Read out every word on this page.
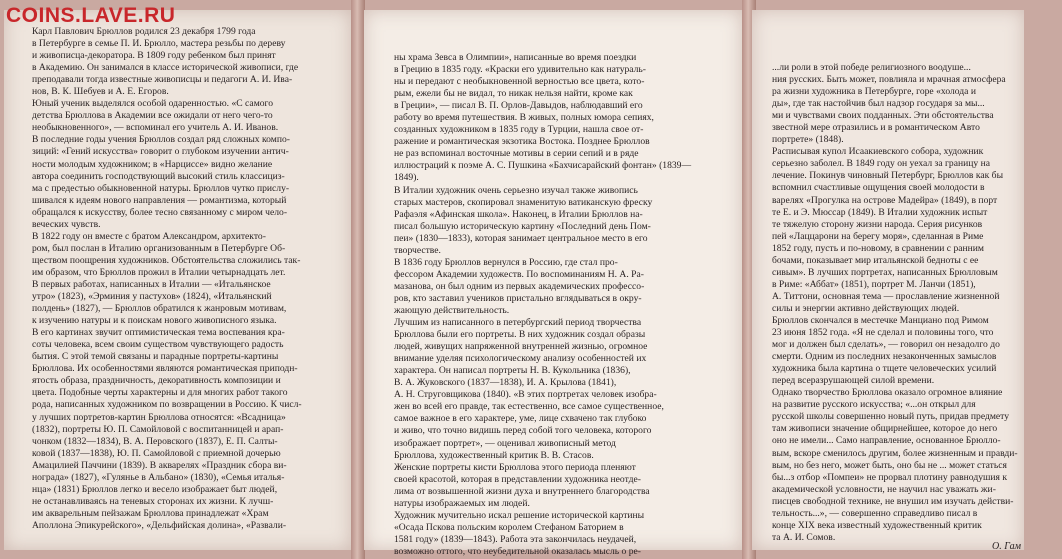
Карл Павлович Брюллов родился 23 декабря 1799 года
в Петербурге в семье П. И. Брюлло, мастера резьбы по дереву
и живописца-декоратора. В 1809 году ребенком был принят
в Академию. Он занимался в классе исторической живописи, где
преподавали тогда известные живописцы и педагоги А. И. Ива-
нов, В. К. Шебуев и А. Е. Егоров.
Юный ученик выделялся особой одаренностью. «С самого
детства Брюллова в Академии все ожидали от него чего-то
необыкновенного», — вспоминал его учитель А. И. Иванов.
В последние годы учения Брюллов создал ряд сложных компо-
зиций: «Гений искусства» говорит о глубоком изучении антич-
ности молодым художником; в «Нарциссе» видно желание
автора соединить господствующий высокий стиль классициз-
ма с предестью обыкновенной натуры. Брюллов чутко прислу-
шивался к идеям нового направления — романтизма, который
обращался к искусству, более тесно связанному с миром чело-
веческих чувств.
В 1822 году он вместе с братом Александром, архитекто-
ром, был послан в Италию организованным в Петербурге Об-
ществом поощрения художников. Обстоятельства сложились так-
им образом, что Брюллов прожил в Италии четырнадцать лет.
В первых работах, написанных в Италии — «Итальянское
утро» (1823), «Эрминия у пастухов» (1824), «Итальянский
полдень» (1827), — Брюллов обратился к жанровым мотивам,
к изучению натуры и к поискам нового живописного языка.
В его картинах звучит оптимистическая тема воспевания кра-
соты человека, всем своим существом чувствующего радость
бытия. С этой темой связаны и парадные портреты-картины
Брюллова. Их особенностями являются романтическая приподн-
ятость образа, праздничность, декоративность композиции и
цвета. Подобные черты характерны и для многих работ такого
рода, написанных художником по возвращении в Россию. К числ-
у лучших портретов-картин Брюллова относятся: «Всадница»
(1832), портреты Ю. П. Самойловой с воспитанницей и арап-
чонком (1832—1834), В. А. Перовского (1837), Е. П. Салты-
ковой (1837—1838), Ю. П. Самойловой с приемной дочерью
Амацилией Паччини (1839). В акварелях «Праздник сбора ви-
нограда» (1827), «Гулянье в Альбано» (1830), «Семья италья-
нца» (1831) Брюллов легко и весело изображает быт людей,
не останавливаясь на теневых сторонах их жизни. К лучш-
им акварельным пейзажам Брюллова принадлежат «Храм
Аполлона Эпикурейского», «Дельфийская долина», «Развали-
ны храма Зевса в Олимпии», написанные во время поездки
в Грецию в 1835 году. «Краски его удивительно как натураль-
ны и передают с необыкновенной верностью все цвета, кото-
рым, ежели бы не видал, то никак нельзя найти, кроме как
в Греции», — писал В. П. Орлов-Давыдов, наблюдавший его
работу во время путешествия. В живых, полных юмора сепиях,
созданных художником в 1835 году в Турции, нашла свое от-
ражение и романтическая экзотика Востока. Позднее Брюллов
не раз вспоминал восточные мотивы в серии сепий и в ряде
иллюстраций к поэме А. С. Пушкина «Бахчисарайский фонтан» (1839—
1849).
В Италии художник очень серьезно изучал также живопись
старых мастеров, скопировал знаменитую ватиканскую фреску
Рафаэля «Афинская школа». Наконец, в Италии Брюллов на-
писал большую историческую картину «Последний день Пом-
пеи» (1830—1833), которая занимает центральное место в его
творчестве.
В 1836 году Брюллов вернулся в Россию, где стал про-
фессором Академии художеств. По воспоминаниям Н. А. Ра-
мазанова, он был одним из первых академических профессо-
ров, кто заставил учеников пристально вглядываться в окру-
жающую действительность.
Лучшим из написанного в петербургский период творчества
Брюллова были его портреты. В них художник создал образы
людей, живущих напряженной внутренней жизнью, огромное
внимание уделяя психологическому анализу особенностей их
характера. Он написал портреты Н. В. Кукольника (1836),
В. А. Жуковского (1837—1838), И. А. Крылова (1841),
А. Н. Струговщикова (1840). «В этих портретах человек изобра-
жен во всей его правде, так естественно, все самое существенное,
самое важное в его характере, уме, лице схвачено так глубоко
и живо, что точно видишь перед собой того человека, которого
изображает портрет», — оценивал живописный метод
Брюллова, художественный критик В. В. Стасов.
Женские портреты кисти Брюллова этого периода пленяют
своей красотой, которая в представлении художника неотде-
лима от возвышенной жизни духа и внутреннего благородства
натуры изображаемых им людей.
Художник мучительно искал решение исторической картины
«Осада Пскова польским королем Стефаном Баторием в
1581 году» (1839—1843). Работа эта закончилась неудачей,
возможно оттого, что неубедительной оказалась мысль о ре-
...ли роли в этой победе религиозного воодуше...
ния русских. Быть может, повлияла и мрачная атмосфера
ра жизни художника в Петербурге, горе «холода и
ды», где так настойчив был надзор государя за мы...
ми и чувствами своих подданных. Эти обстоятельства
звестной мере отразились и в романтическом Авто
портрете» (1848).
Расписывая купол Исаакиевского собора, художник
серьезно заболел. В 1849 году он уехал за границу на
лечение. Покинув чиновный Петербург, Брюллов как бы
вспомнил счастливые ощущения своей молодости в
варелях «Прогулка на острове Мадейра» (1849), в порт
те Е. и Э. Мюссар (1849). В Италии художник испыт
те тяжелую сторону жизни народа. Серия рисунков
пей «Лаццарони на берегу моря», сделанная в Риме
1852 году, пусть и по-новому, в сравнении с ранним
бочами, показывает мир итальянской бедноты с ее
сивым». В лучших портретах, написанных Брюлловым
в Риме: «Аббат» (1851), портрет М. Ланчи (1851),
А. Титтони, основная тема — прославление жизненной
силы и энергии активно действующих людей.
Брюллов скончался в местечке Манциано под Римом
23 июня 1852 года. «Я не сделал и половины того, что
мог и должен был сделать», — говорил он незадолго до
смерти. Одним из последних незаконченных замыслов
художника была картина о тщете человеческих усилий
перед всеразрушающей силой времени.
Однако творчество Брюллова оказало огромное влияние
на развитие русского искусства; «...он открыл для
русской школы совершенно новый путь, придав предмету
там живописи значение общирнейшее, которое до него
оно не имели... Само направление, основанное Брюлло-
вым, вскоре сменилось другим, более жизненным и правди-
вым, но без него, может быть, оно бы не ... может статься
бы...з отбор «Помпеи» не прорвал плотину равнодушия к
академической условности, не научил нас уважать жи-
писцев свободной технике, не внушил им изучать действи-
тельность...», — совершенно справедливо писал в
конце XIX века известный художественный критик
та А. И. Сомов.
О. Гам
COINS.LAVE.RU
